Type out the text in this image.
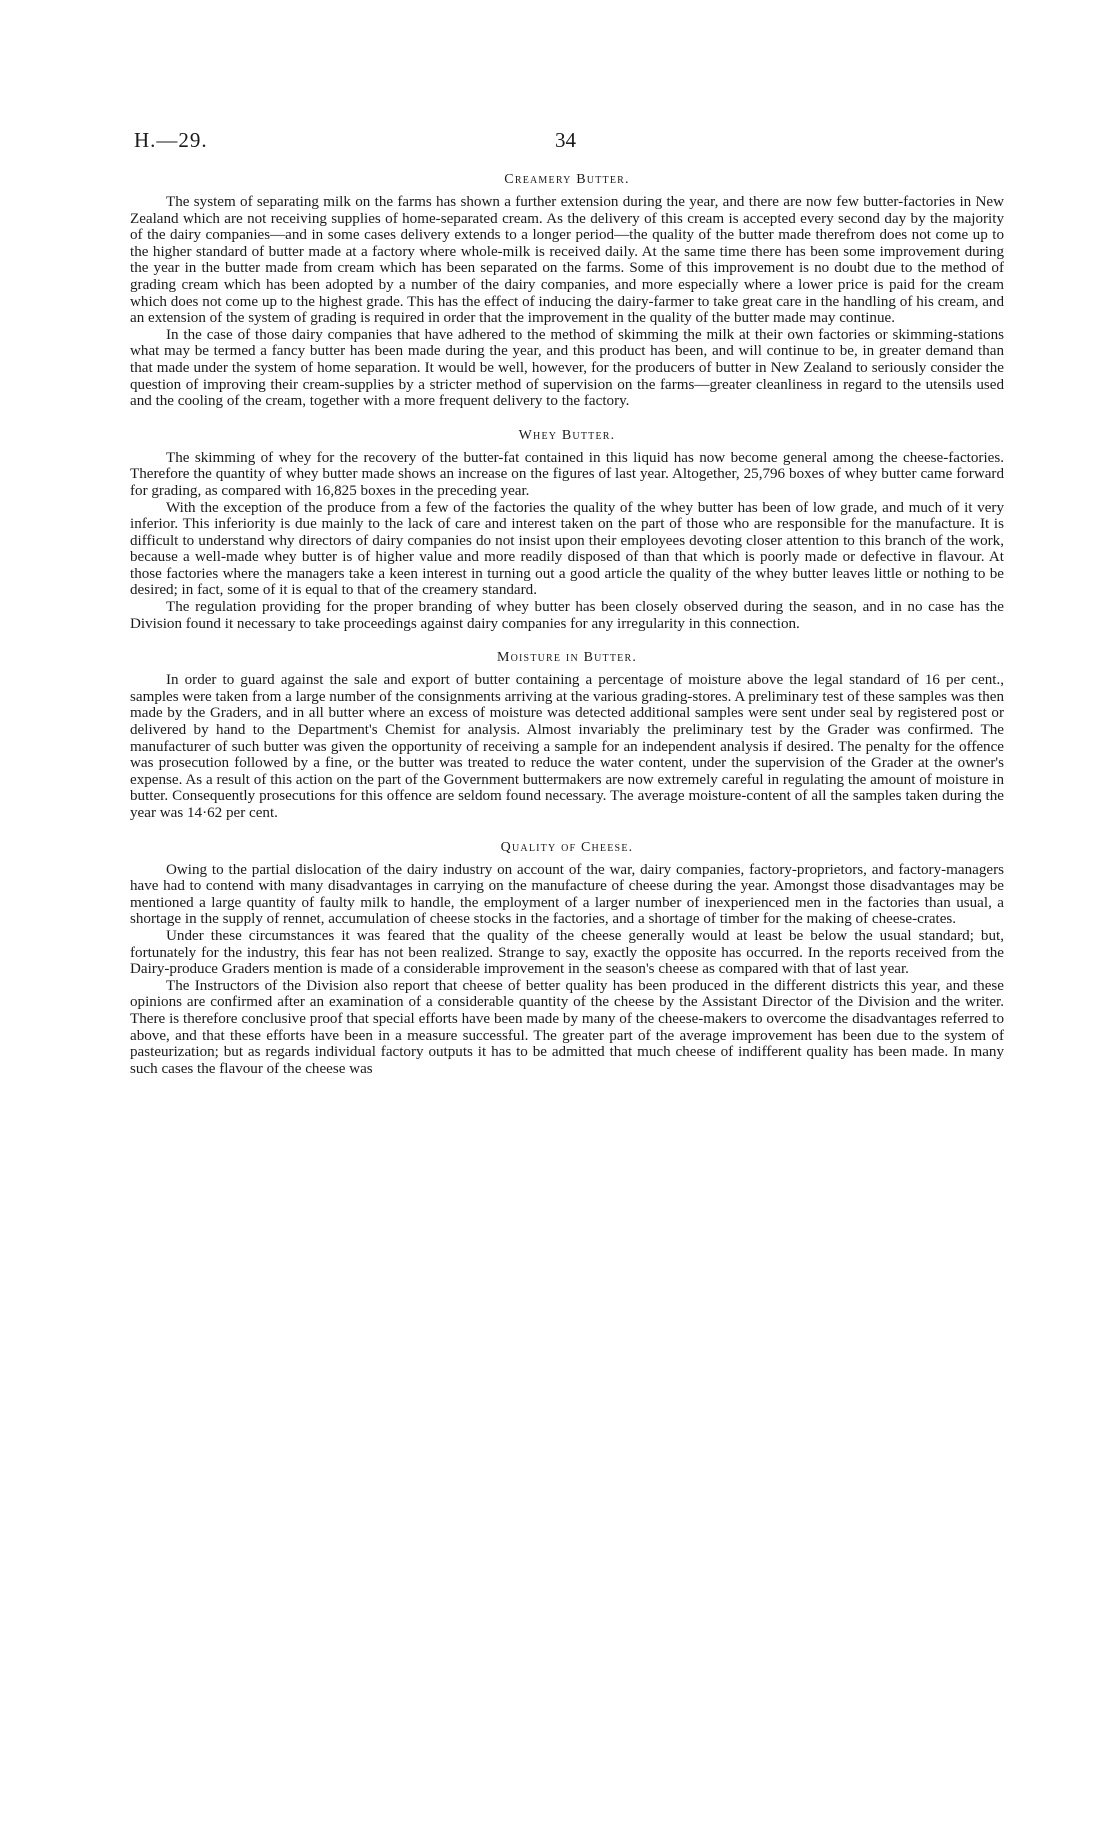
H.—29.	34
Creamery Butter.

The system of separating milk on the farms has shown a further extension during the year, and there are now few butter-factories in New Zealand which are not receiving supplies of home-separated cream. As the delivery of this cream is accepted every second day by the majority of the dairy companies—and in some cases delivery extends to a longer period—the quality of the butter made therefrom does not come up to the higher standard of butter made at a factory where whole-milk is received daily. At the same time there has been some improvement during the year in the butter made from cream which has been separated on the farms. Some of this improvement is no doubt due to the method of grading cream which has been adopted by a number of the dairy companies, and more especially where a lower price is paid for the cream which does not come up to the highest grade. This has the effect of inducing the dairy-farmer to take great care in the handling of his cream, and an extension of the system of grading is required in order that the improvement in the quality of the butter made may continue.

In the case of those dairy companies that have adhered to the method of skimming the milk at their own factories or skimming-stations what may be termed a fancy butter has been made during the year, and this product has been, and will continue to be, in greater demand than that made under the system of home separation. It would be well, however, for the producers of butter in New Zealand to seriously consider the question of improving their cream-supplies by a stricter method of supervision on the farms—greater cleanliness in regard to the utensils used and the cooling of the cream, together with a more frequent delivery to the factory.

Whey Butter.

The skimming of whey for the recovery of the butter-fat contained in this liquid has now become general among the cheese-factories. Therefore the quantity of whey butter made shows an increase on the figures of last year. Altogether, 25,796 boxes of whey butter came forward for grading, as compared with 16,825 boxes in the preceding year.

With the exception of the produce from a few of the factories the quality of the whey butter has been of low grade, and much of it very inferior. This inferiority is due mainly to the lack of care and interest taken on the part of those who are responsible for the manufacture. It is difficult to understand why directors of dairy companies do not insist upon their employees devoting closer attention to this branch of the work, because a well-made whey butter is of higher value and more readily disposed of than that which is poorly made or defective in flavour. At those factories where the managers take a keen interest in turning out a good article the quality of the whey butter leaves little or nothing to be desired; in fact, some of it is equal to that of the creamery standard.

The regulation providing for the proper branding of whey butter has been closely observed during the season, and in no case has the Division found it necessary to take proceedings against dairy companies for any irregularity in this connection.

Moisture in Butter.

In order to guard against the sale and export of butter containing a percentage of moisture above the legal standard of 16 per cent., samples were taken from a large number of the consignments arriving at the various grading-stores. A preliminary test of these samples was then made by the Graders, and in all butter where an excess of moisture was detected additional samples were sent under seal by registered post or delivered by hand to the Department's Chemist for analysis. Almost invariably the preliminary test by the Grader was confirmed. The manufacturer of such butter was given the opportunity of receiving a sample for an independent analysis if desired. The penalty for the offence was prosecution followed by a fine, or the butter was treated to reduce the water content, under the supervision of the Grader at the owner's expense. As a result of this action on the part of the Government buttermakers are now extremely careful in regulating the amount of moisture in butter. Consequently prosecutions for this offence are seldom found necessary. The average moisture-content of all the samples taken during the year was 14·62 per cent.

Quality of Cheese.

Owing to the partial dislocation of the dairy industry on account of the war, dairy companies, factory-proprietors, and factory-managers have had to contend with many disadvantages in carrying on the manufacture of cheese during the year. Amongst those disadvantages may be mentioned a large quantity of faulty milk to handle, the employment of a larger number of inexperienced men in the factories than usual, a shortage in the supply of rennet, accumulation of cheese stocks in the factories, and a shortage of timber for the making of cheese-crates.

Under these circumstances it was feared that the quality of the cheese generally would at least be below the usual standard; but, fortunately for the industry, this fear has not been realized. Strange to say, exactly the opposite has occurred. In the reports received from the Dairy-produce Graders mention is made of a considerable improvement in the season's cheese as compared with that of last year.

The Instructors of the Division also report that cheese of better quality has been produced in the different districts this year, and these opinions are confirmed after an examination of a considerable quantity of the cheese by the Assistant Director of the Division and the writer. There is therefore conclusive proof that special efforts have been made by many of the cheese-makers to overcome the disadvantages referred to above, and that these efforts have been in a measure successful. The greater part of the average improvement has been due to the system of pasteurization; but as regards individual factory outputs it has to be admitted that much cheese of indifferent quality has been made. In many such cases the flavour of the cheese was
